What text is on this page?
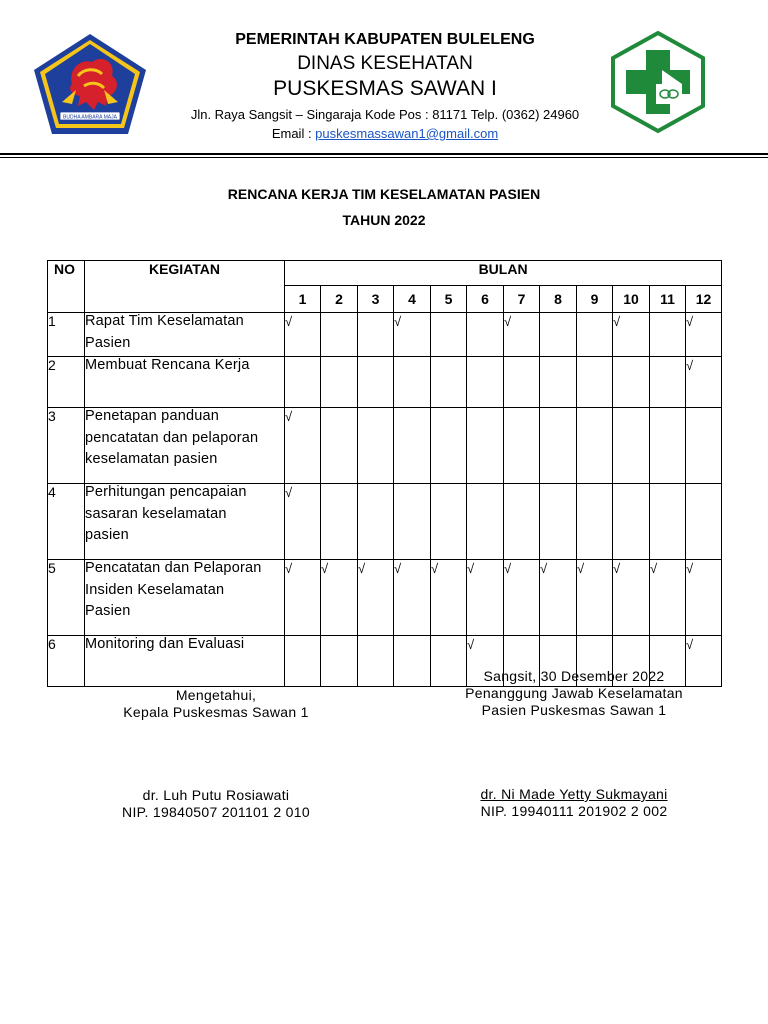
BUDHA AMBARA MAJA
PEMERINTAH KABUPATEN BULELENG
DINAS KESEHATAN
PUSKESMAS SAWAN I
Jln. Raya Sangsit – Singaraja Kode Pos : 81171 Telp. (0362) 24960
Email : puskesmassawan1@gmail.com
RENCANA KERJA TIM KESELAMATAN PASIEN
TAHUN 2022
NO	KEGIATAN	BULAN											
		1	2	3	4	5	6	7	8	9	10	11	12
1	Rapat Tim Keselamatan
Pasien	√			√			√			√		√

2	Membuat Rencana Kerja												√

3	Penetapan panduan
pencatatan dan pelaporan
keselamatan pasien	√											

4	Perhitungan pencapaian
sasaran keselamatan
pasien	√											

5	Pencatatan dan Pelaporan
Insiden Keselamatan
Pasien	√	√	√	√	√	√	√	√	√	√	√	√

6	Monitoring dan Evaluasi						√						√
Mengetahui,
Kepala Puskesmas Sawan 1
dr. Luh Putu Rosiawati
NIP. 19840507 201101 2 010
Sangsit, 30 Desember 2022
Penanggung Jawab Keselamatan
Pasien Puskesmas Sawan 1
dr. Ni Made Yetty Sukmayani
NIP. 19940111 201902 2 002
